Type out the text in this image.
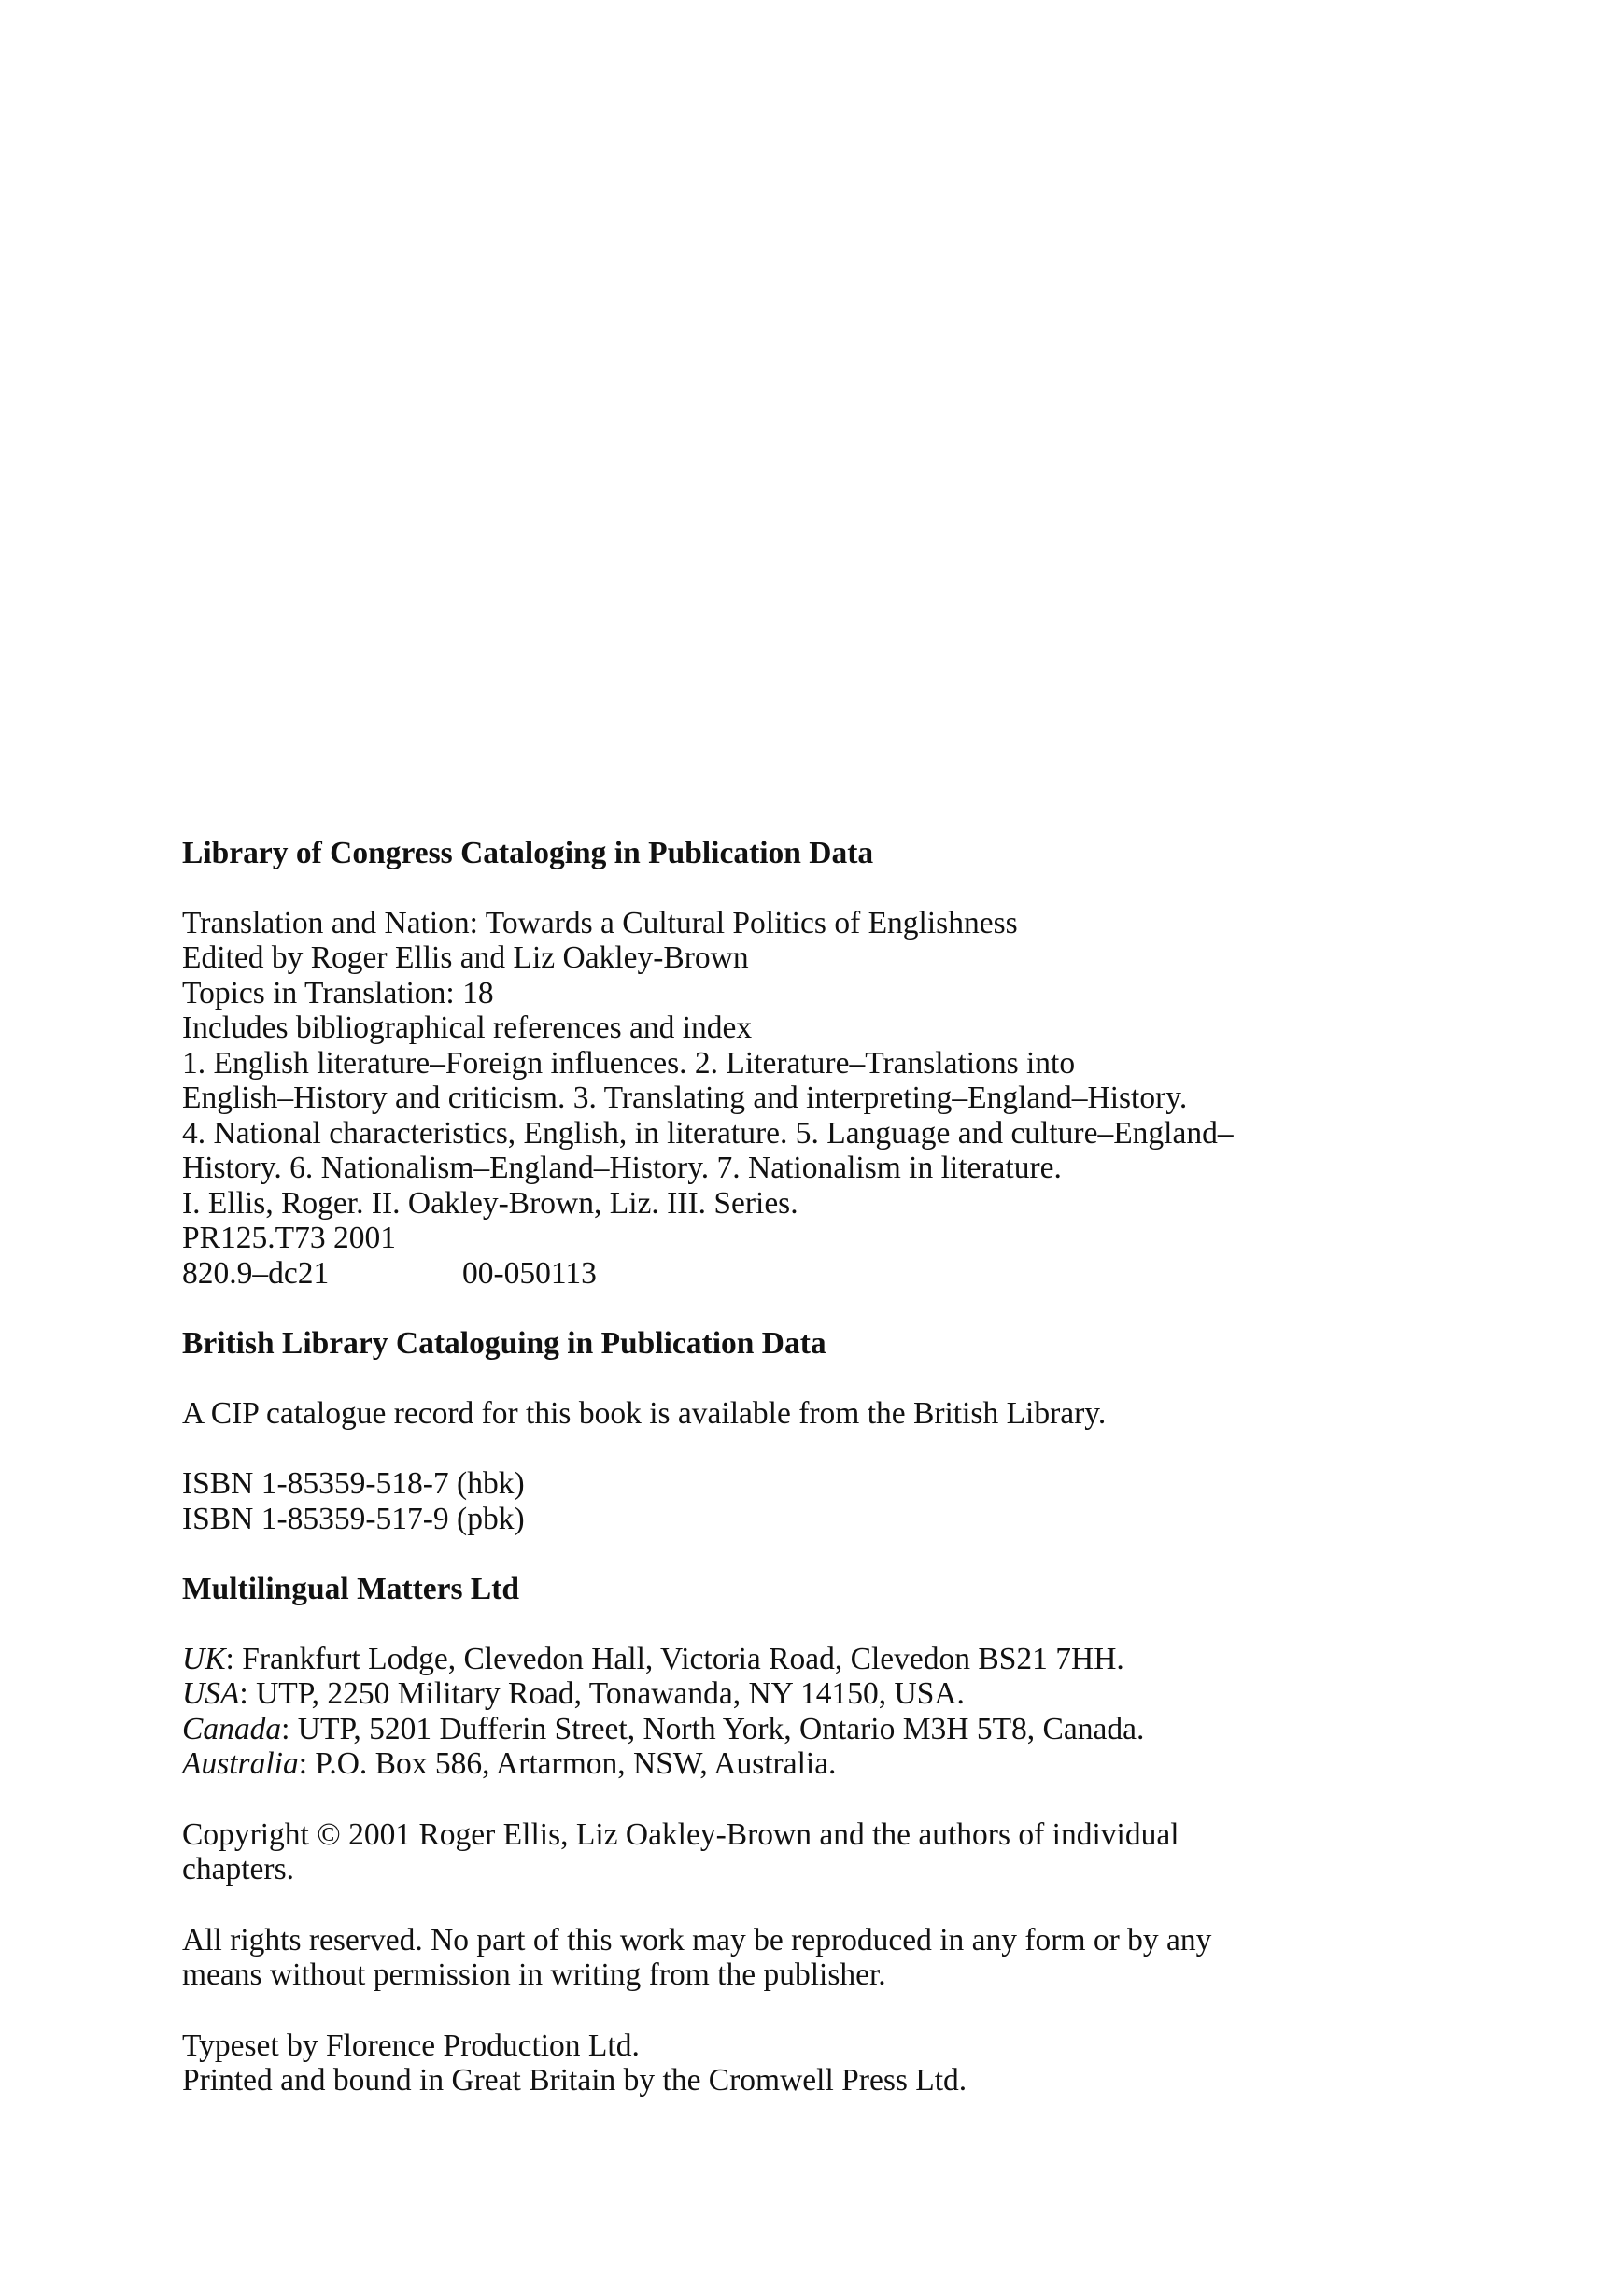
Library of Congress Cataloging in Publication Data

Translation and Nation: Towards a Cultural Politics of Englishness

Edited by Roger Ellis and Liz Oakley-Brown

Topics in Translation: 18

Includes bibliographical references and index

1. English literature–Foreign influences. 2. Literature–Translations into

English–History and criticism. 3. Translating and interpreting–England–History.

4. National characteristics, English, in literature. 5. Language and culture–England–

History. 6. Nationalism–England–History. 7. Nationalism in literature.

I. Ellis, Roger. II. Oakley-Brown, Liz. III. Series.

PR125.T73 2001

820.9–dc21	00-050113

British Library Cataloguing in Publication Data

A CIP catalogue record for this book is available from the British Library.

ISBN 1-85359-518-7 (hbk)

ISBN 1-85359-517-9 (pbk)

Multilingual Matters Ltd

UK: Frankfurt Lodge, Clevedon Hall, Victoria Road, Clevedon BS21 7HH.

USA: UTP, 2250 Military Road, Tonawanda, NY 14150, USA.

Canada: UTP, 5201 Dufferin Street, North York, Ontario M3H 5T8, Canada.

Australia: P.O. Box 586, Artarmon, NSW, Australia.

Copyright © 2001 Roger Ellis, Liz Oakley-Brown and the authors of individual

chapters.

All rights reserved. No part of this work may be reproduced in any form or by any

means without permission in writing from the publisher.

Typeset by Florence Production Ltd.

Printed and bound in Great Britain by the Cromwell Press Ltd.
